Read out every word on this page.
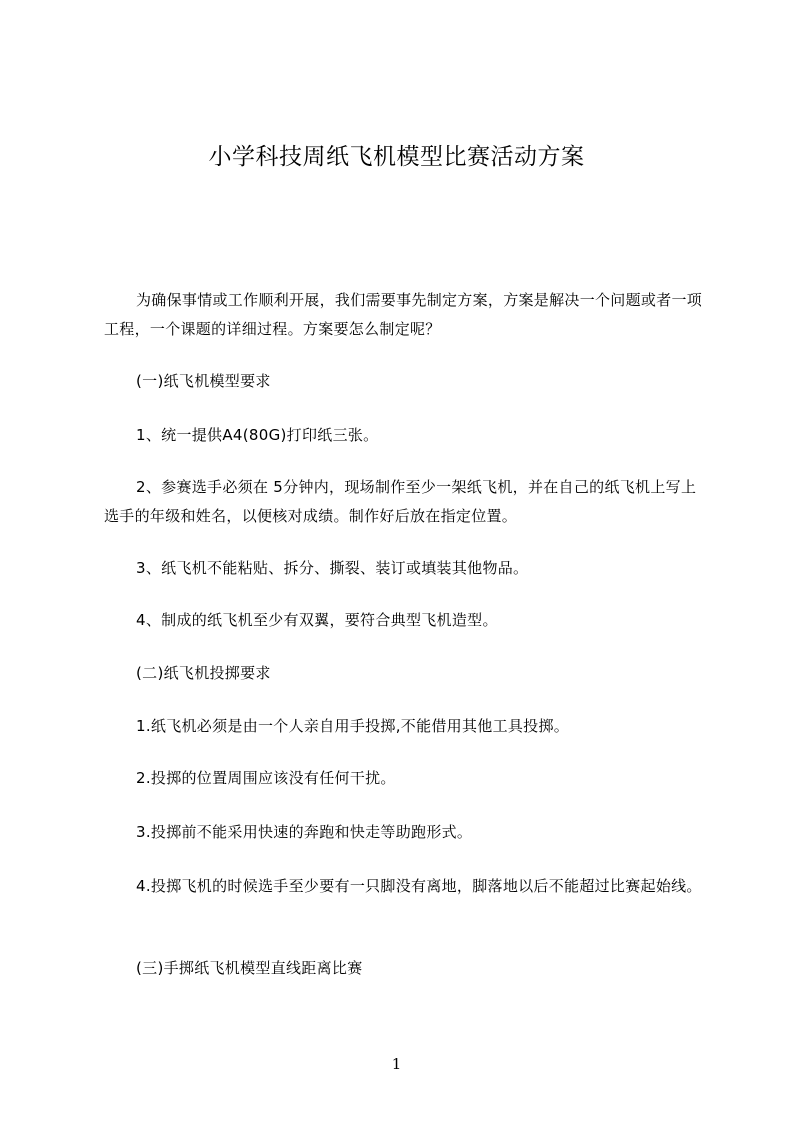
小学科技周纸飞机模型比赛活动方案

为确保事情或工作顺利开展，我们需要事先制定方案，方案是解决一个问题或者一项工程，一个课题的详细过程。方案要怎么制定呢？

(一)纸飞机模型要求

1、统一提供A4(80G)打印纸三张。

2、参赛选手必须在 5分钟内，现场制作至少一架纸飞机，并在自己的纸飞机上写上选手的年级和姓名，以便核对成绩。制作好后放在指定位置。

3、纸飞机不能粘贴、拆分、撕裂、装订或填装其他物品。

4、制成的纸飞机至少有双翼，要符合典型飞机造型。

(二)纸飞机投掷要求

1.纸飞机必须是由一个人亲自用手投掷,不能借用其他工具投掷。

2.投掷的位置周围应该没有任何干扰。

3.投掷前不能采用快速的奔跑和快走等助跑形式。

4.投掷飞机的时候选手至少要有一只脚没有离地，脚落地以后不能超过比赛起始线。

(三)手掷纸飞机模型直线距离比赛

1
